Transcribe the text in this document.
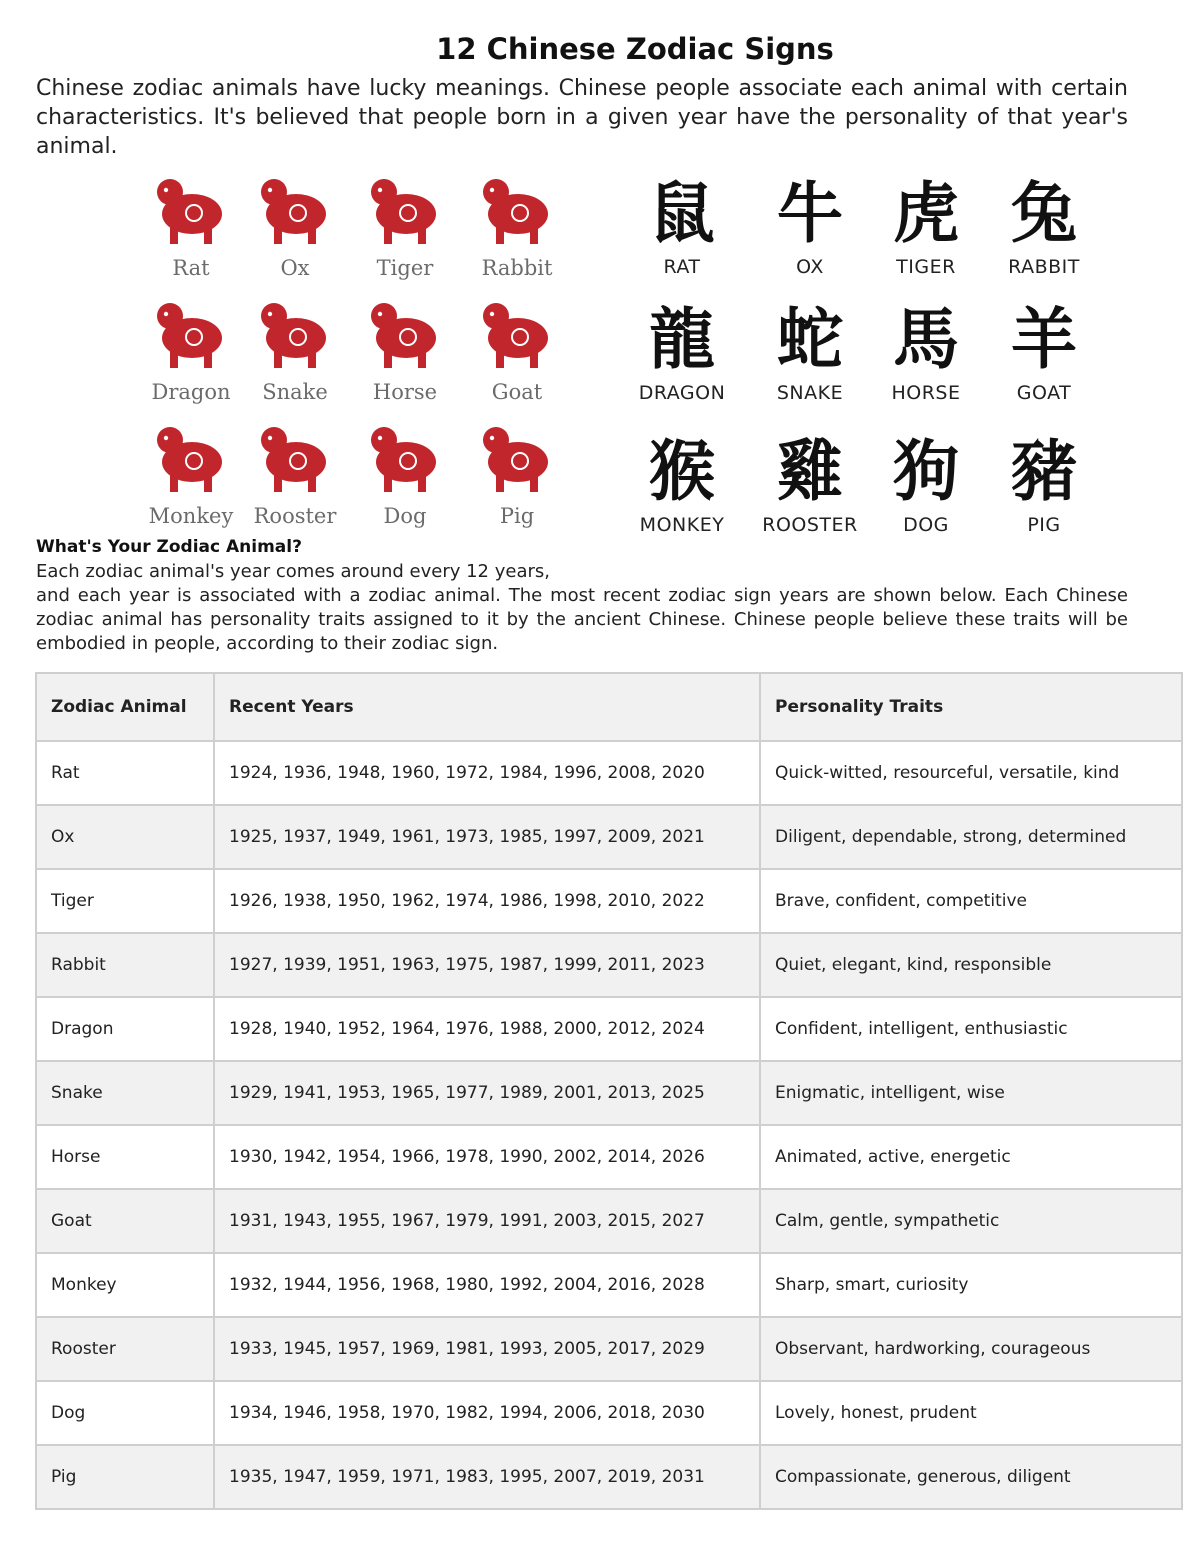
12 Chinese Zodiac Signs
Chinese zodiac animals have lucky meanings. Chinese people associate each animal with certain characteristics. It's believed that people born in a given year have the personality of that year's animal.
Rat	Ox	Tiger	Rabbit
Dragon	Snake	Horse	Goat
Monkey Rooster	Dog	Pig
鼠
RAT
牛
OX
虎
TIGER
兔
RABBIT
龍
DRAGON
蛇
SNAKE
馬
HORSE
羊
GOAT
猴
MONKEY
雞
ROOSTER
狗
DOG
豬
PIG
What's Your Zodiac Animal?
Each zodiac animal's year comes around every 12 years,
and each year is associated with a zodiac animal. The most recent zodiac sign years are shown below. Each Chinese zodiac animal has personality traits assigned to it by the ancient Chinese. Chinese people believe these traits will be embodied in people, according to their zodiac sign.
Zodiac Animal	Recent Years	Personality Traits
Rat	1924, 1936, 1948, 1960, 1972, 1984, 1996, 2008, 2020	Quick-witted, resourceful, versatile, kind
Ox	1925, 1937, 1949, 1961, 1973, 1985, 1997, 2009, 2021	Diligent, dependable, strong, determined
Tiger	1926, 1938, 1950, 1962, 1974, 1986, 1998, 2010, 2022	Brave, confident, competitive
Rabbit	1927, 1939, 1951, 1963, 1975, 1987, 1999, 2011, 2023	Quiet, elegant, kind, responsible
Dragon	1928, 1940, 1952, 1964, 1976, 1988, 2000, 2012, 2024	Confident, intelligent, enthusiastic
Snake	1929, 1941, 1953, 1965, 1977, 1989, 2001, 2013, 2025	Enigmatic, intelligent, wise
Horse	1930, 1942, 1954, 1966, 1978, 1990, 2002, 2014, 2026	Animated, active, energetic
Goat	1931, 1943, 1955, 1967, 1979, 1991, 2003, 2015, 2027	Calm, gentle, sympathetic
Monkey	1932, 1944, 1956, 1968, 1980, 1992, 2004, 2016, 2028	Sharp, smart, curiosity
Rooster	1933, 1945, 1957, 1969, 1981, 1993, 2005, 2017, 2029	Observant, hardworking, courageous
Dog	1934, 1946, 1958, 1970, 1982, 1994, 2006, 2018, 2030	Lovely, honest, prudent
Pig	1935, 1947, 1959, 1971, 1983, 1995, 2007, 2019, 2031	Compassionate, generous, diligent
